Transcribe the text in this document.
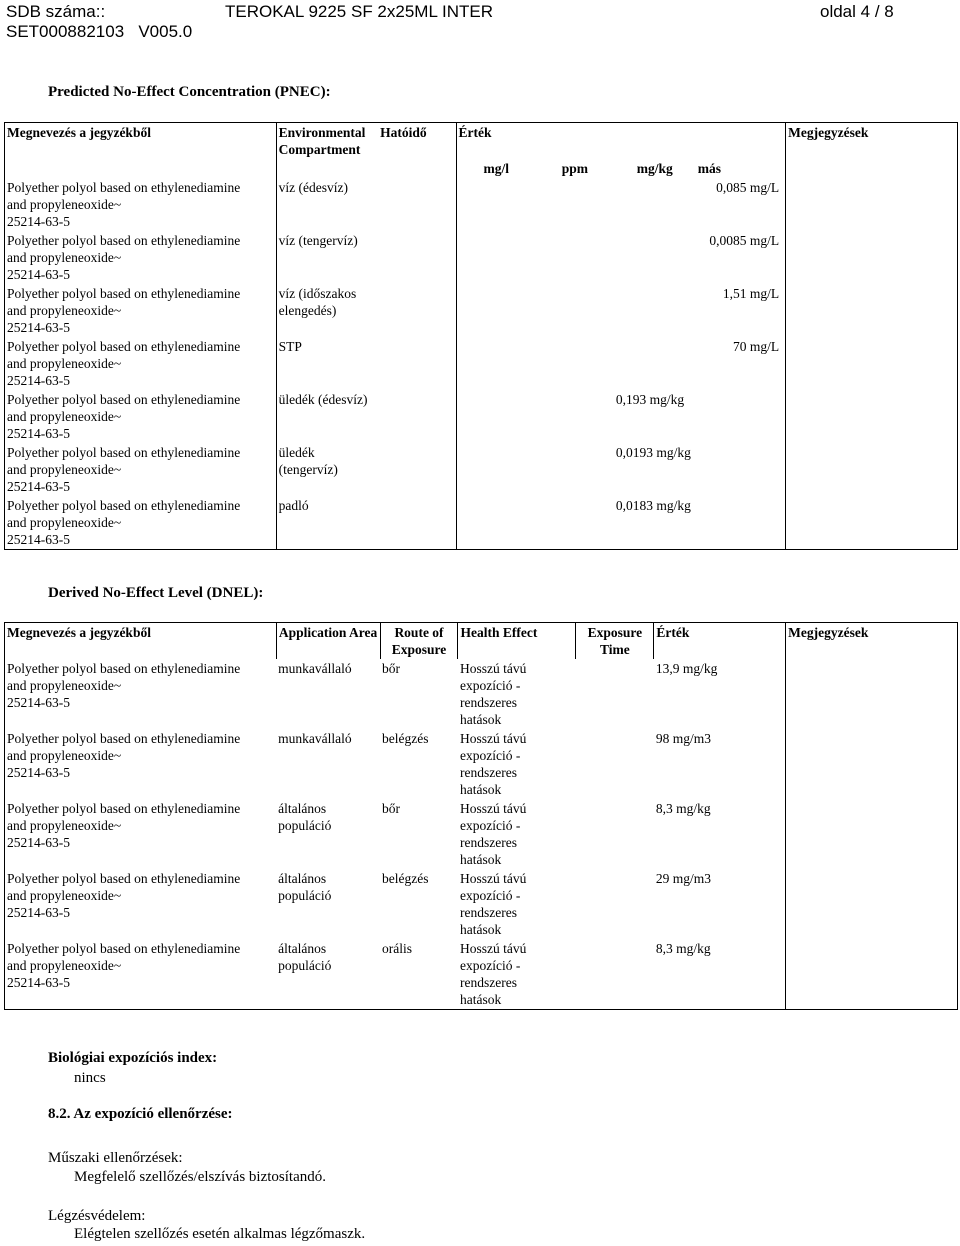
SDB száma::
SET000882103 V005.0
TEROKAL 9225 SF 2x25ML INTER	oldal 4 / 8
Predicted No-Effect Concentration (PNEC):
Megnevezés a jegyzékből	Environmental Compartment	Hatóidő	Érték				Megjegyzések
			mg/l	ppm	mg/kg	más	

Polyether polyol based on ethylenediamine
and propyleneoxide~
25214-63-5	víz (édesvíz)					0,085 mg/L	

Polyether polyol based on ethylenediamine
and propyleneoxide~
25214-63-5	víz (tengervíz)					0,0085 mg/L	

Polyether polyol based on ethylenediamine
and propyleneoxide~
25214-63-5	víz (időszakos elengedés)					1,51 mg/L	

Polyether polyol based on ethylenediamine
and propyleneoxide~
25214-63-5	STP					70 mg/L	

Polyether polyol based on ethylenediamine
and propyleneoxide~
25214-63-5	üledék (édesvíz)				0,193 mg/kg		

Polyether polyol based on ethylenediamine
and propyleneoxide~
25214-63-5	üledék (tengervíz)				0,0193 mg/kg		

Polyether polyol based on ethylenediamine
and propyleneoxide~
25214-63-5	padló				0,0183 mg/kg		
Derived No-Effect Level (DNEL):
Megnevezés a jegyzékből	Application Area	Route of Exposure	Health Effect	Exposure Time	Érték	Megjegyzések

Polyether polyol based on ethylenediamine
and propyleneoxide~
25214-63-5	munkavállaló	bőr	Hosszú távú expozíció - rendszeres hatások		13,9 mg/kg	

Polyether polyol based on ethylenediamine
and propyleneoxide~
25214-63-5	munkavállaló	belégzés	Hosszú távú expozíció - rendszeres hatások		98 mg/m3	

Polyether polyol based on ethylenediamine
and propyleneoxide~
25214-63-5	általános populáció	bőr	Hosszú távú expozíció - rendszeres hatások		8,3 mg/kg	

Polyether polyol based on ethylenediamine
and propyleneoxide~
25214-63-5	általános populáció	belégzés	Hosszú távú expozíció - rendszeres hatások		29 mg/m3	

Polyether polyol based on ethylenediamine
and propyleneoxide~
25214-63-5	általános populáció	orális	Hosszú távú expozíció - rendszeres hatások		8,3 mg/kg	
Biológiai expozíciós index:
nincs
8.2. Az expozíció ellenőrzése:
Műszaki ellenőrzések:
Megfelelő szellőzés/elszívás biztosítandó.
Légzésvédelem:
Elégtelen szellőzés esetén alkalmas légzőmaszk.
